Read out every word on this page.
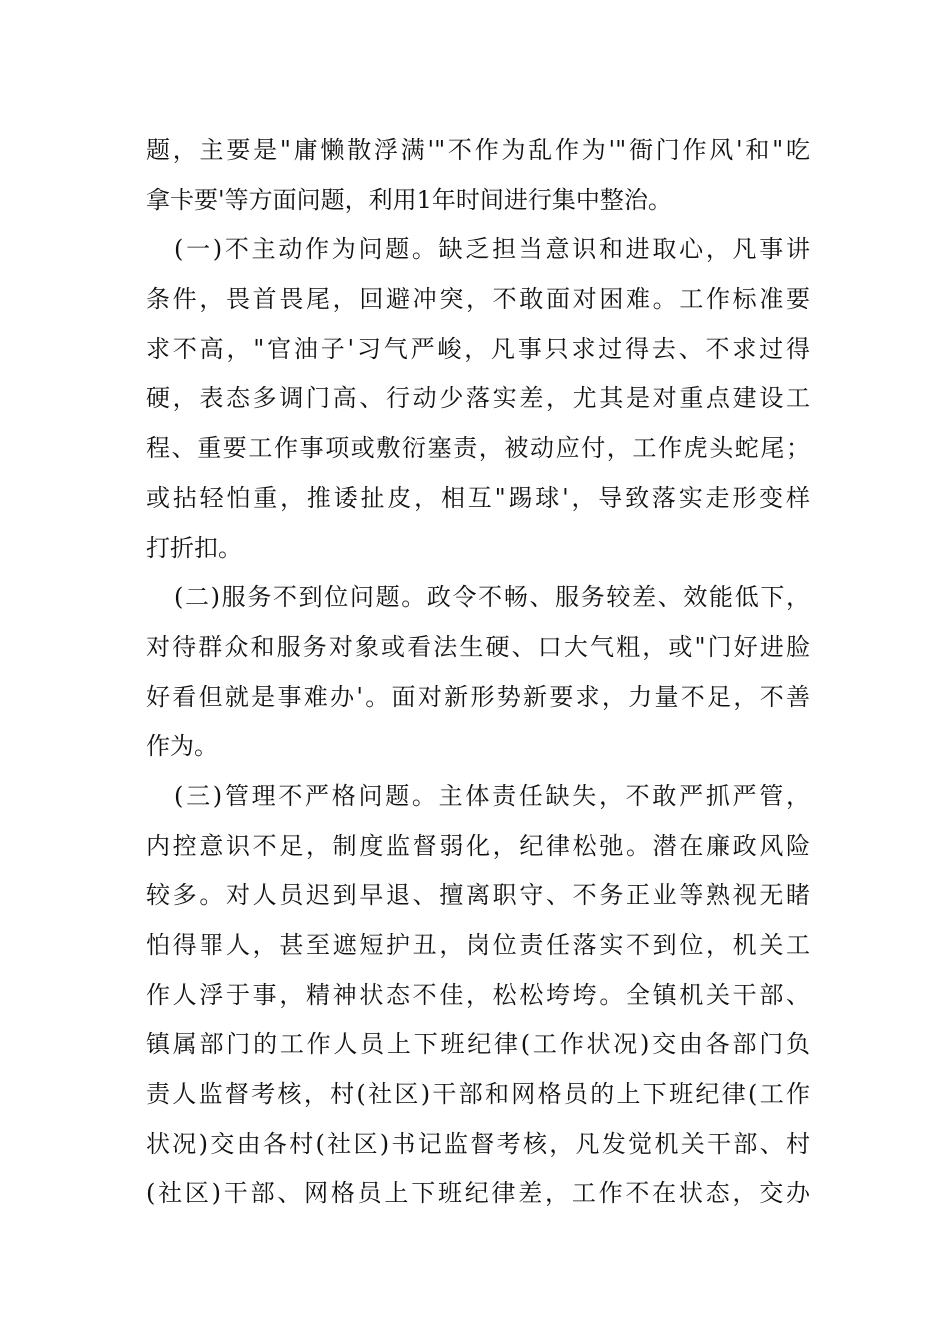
题，主要是"庸懒散浮满'"不作为乱作为'"衙门作风'和"吃
拿卡要'等方面问题，利用1年时间进行集中整治。
(一)不主动作为问题。缺乏担当意识和进取心，凡事讲
条件，畏首畏尾，回避冲突，不敢面对困难。工作标准要
求不高，"官油子'习气严峻，凡事只求过得去、不求过得
硬，表态多调门高、行动少落实差，尤其是对重点建设工
程、重要工作事项或敷衍塞责，被动应付，工作虎头蛇尾；
或拈轻怕重，推诿扯皮，相互"踢球'，导致落实走形变样
打折扣。
(二)服务不到位问题。政令不畅、服务较差、效能低下，
对待群众和服务对象或看法生硬、口大气粗，或"门好进脸
好看但就是事难办'。面对新形势新要求，力量不足，不善
作为。
(三)管理不严格问题。主体责任缺失，不敢严抓严管，
内控意识不足，制度监督弱化，纪律松弛。潜在廉政风险
较多。对人员迟到早退、擅离职守、不务正业等熟视无睹
怕得罪人，甚至遮短护丑，岗位责任落实不到位，机关工
作人浮于事，精神状态不佳，松松垮垮。全镇机关干部、
镇属部门的工作人员上下班纪律(工作状况)交由各部门负
责人监督考核，村(社区)干部和网格员的上下班纪律(工作
状况)交由各村(社区)书记监督考核，凡发觉机关干部、村
(社区)干部、网格员上下班纪律差，工作不在状态，交办
